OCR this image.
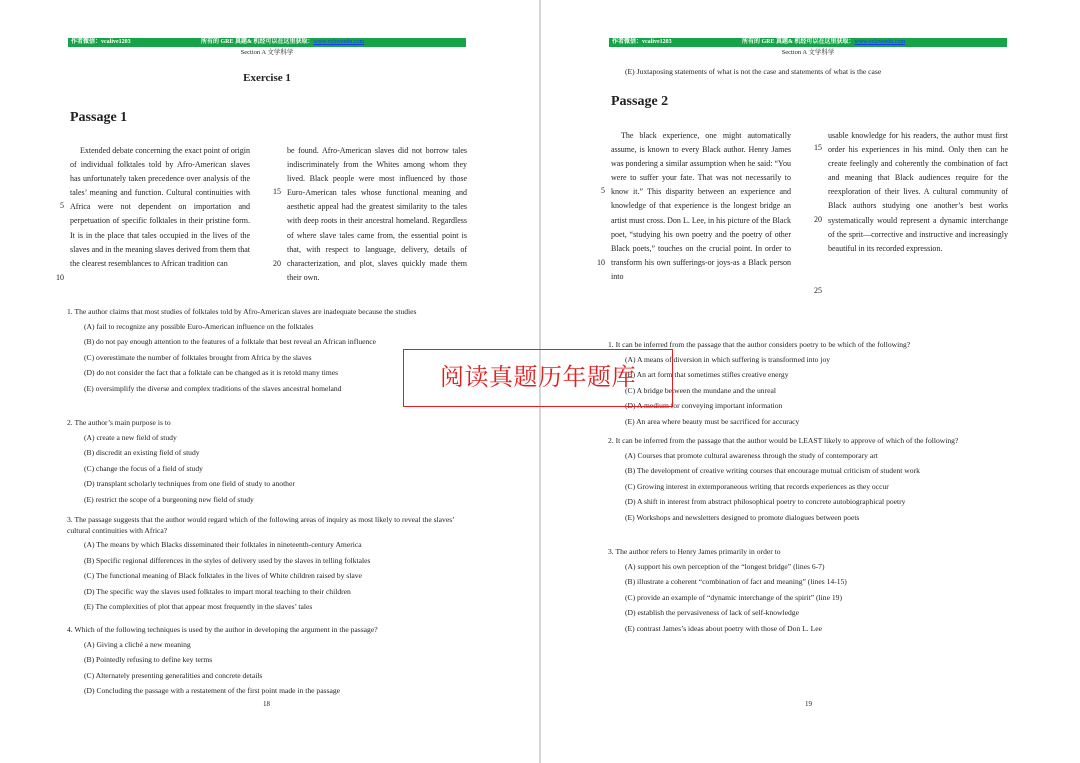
作者微信：vcalive1203	所有的 GRE 真题& 机经可以在这里获取：www.vcloveedu.com
Section A 文学科学
Exercise 1
Passage 1

Extended debate concerning the exact point of origin of individual folktales told by Afro-American slaves has unfortunately taken precedence over analysis of the tales’ meaning and function. Cultural continuities with Africa were not dependent on importation and perpetuation of specific folktales in their pristine form. It is in the place that tales occupied in the lives of the slaves and in the meaning slaves derived from them that the clearest resemblances to African tradition can

be found. Afro-American slaves did not borrow tales indiscriminately from the Whites among whom they lived. Black people were most influenced by those Euro-American tales whose functional meaning and aesthetic appeal had the greatest similarity to the tales with deep roots in their ancestral homeland. Regardless of where slave tales came from, the essential point is that, with respect to language, delivery, details of characterization, and plot, slaves quickly made them their own.

5
10
15
20
1. The author claims that most studies of folktales told by Afro-American slaves are inadequate because the studies
(A) fail to recognize any possible Euro-American influence on the folktales
(B) do not pay enough attention to the features of a folktale that best reveal an African influence
(C) overestimate the number of folktales brought from Africa by the slaves
(D) do not consider the fact that a folktale can be changed as it is retold many times
(E) oversimplify the diverse and complex traditions of the slaves ancestral homeland
2. The author’s main purpose is to
(A) create a new field of study
(B) discredit an existing field of study
(C) change the focus of a field of study
(D) transplant scholarly techniques from one field of study to another
(E) restrict the scope of a burgeoning new field of study
3. The passage suggests that the author would regard which of the following areas of inquiry as most likely to reveal the slaves’ cultural continuities with Africa?
(A) The means by which Blacks disseminated their folktales in nineteenth-century America
(B) Specific regional differences in the styles of delivery used by the slaves in telling folktales
(C) The functional meaning of Black folktales in the lives of White children raised by slave
(D) The specific way the slaves used folktales to impart moral teaching to their children
(E) The complexities of plot that appear most frequently in the slaves’ tales
4. Which of the following techniques is used by the author in developing the argument in the passage?
(A) Giving a cliché a new meaning
(B) Pointedly refusing to define key terms
(C) Alternately presenting generalities and concrete details
(D) Concluding the passage with a restatement of the first point made in the passage
18
作者微信：vcalive1203	所有的 GRE 真题& 机经可以在这里获取：www.vcloveedu.com
Section A 文学科学
(E) Juxtaposing statements of what is not the case and statements of what is the case
Passage 2

The black experience, one might automatically assume, is known to every Black author. Henry James was pondering a similar assumption when he said: “You were to suffer your fate. That was not necessarily to know it.” This disparity between an experience and knowledge of that experience is the longest bridge an artist must cross. Don L. Lee, in his picture of the Black poet, “studying his own poetry and the poetry of other Black poets,” touches on the crucial point. In order to transform his own sufferings-or joys-as a Black person into

usable knowledge for his readers, the author must first order his experiences in his mind. Only then can he create feelingly and coherently the combination of fact and meaning that Black audiences require for the reexploration of their lives. A cultural community of Black authors studying one another’s best works systematically would represent a dynamic interchange of the sprit—corrective and instructive and increasingly beautiful in its recorded expression.

5
10
15
20
25
1. It can be inferred from the passage that the author considers poetry to be which of the following?
(A) A means of diversion in which suffering is transformed into joy
(B) An art form that sometimes stifles creative energy
(C) A bridge between the mundane and the unreal
(D) A medium for conveying important information
(E) An area where beauty must be sacrificed for accuracy
2. It can be inferred from the passage that the author would be LEAST likely to approve of which of the following?
(A) Courses that promote cultural awareness through the study of contemporary art
(B) The development of creative writing courses that encourage mutual criticism of student work
(C) Growing interest in extemporaneous writing that records experiences as they occur
(D) A shift in interest from abstract philosophical poetry to concrete autobiographical poetry
(E) Workshops and newsletters designed to promote dialogues between poets
3. The author refers to Henry James primarily in order to
(A) support his own perception of the “longest bridge” (lines 6-7)
(B) illustrate a coherent “combination of fact and meaning” (lines 14-15)
(C) provide an example of “dynamic interchange of the spirit” (line 19)
(D) establish the pervasiveness of lack of self-knowledge
(E) contrast James’s ideas about poetry with those of Don L. Lee
19
阅读真题历年题库
